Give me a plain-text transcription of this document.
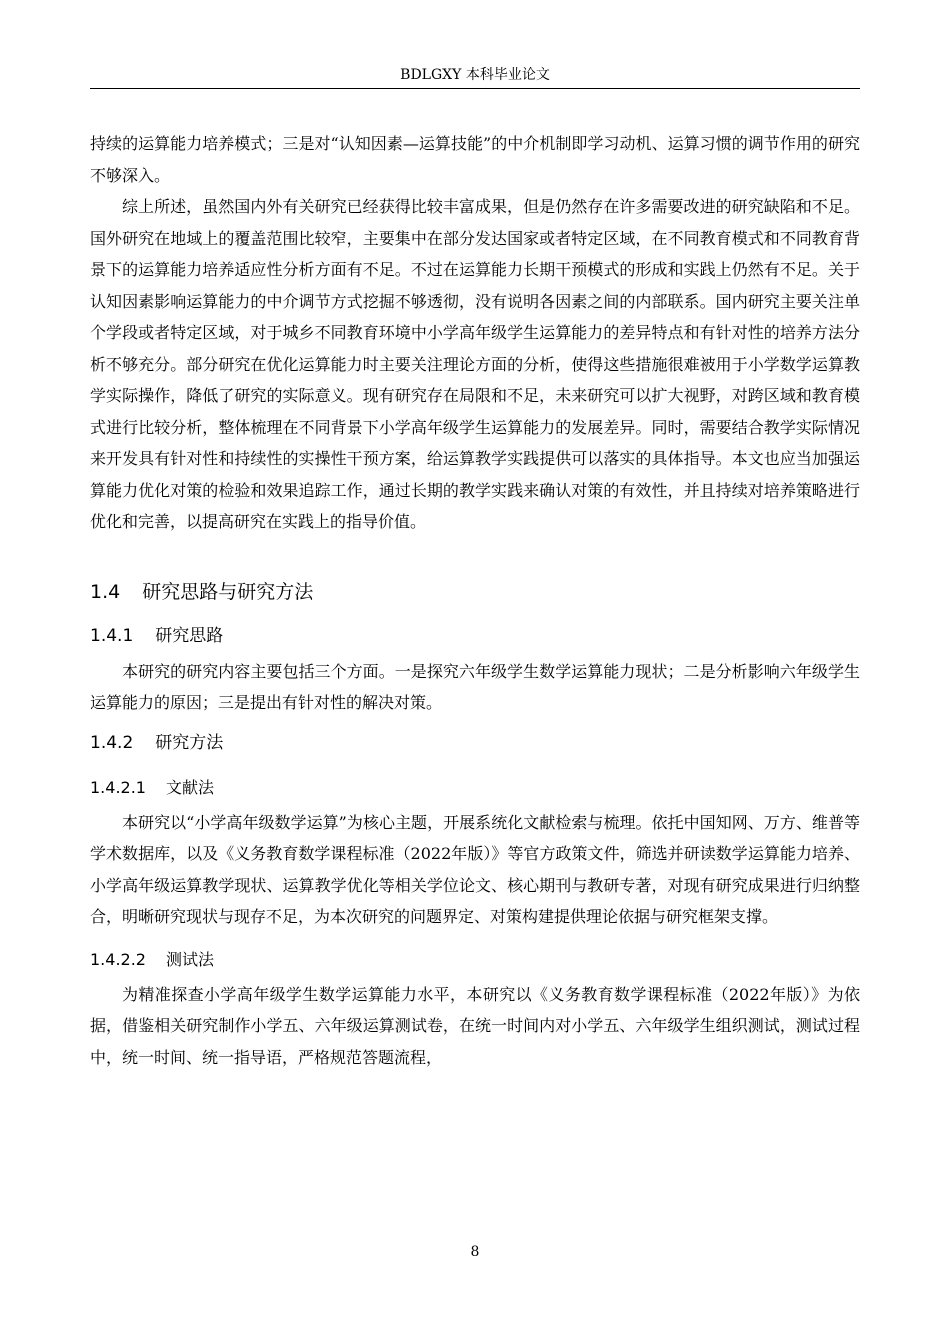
BDLGXY 本科毕业论文

持续的运算能力培养模式；三是对“认知因素—运算技能”的中介机制即学习动机、运算习惯的调节作用的研究不够深入。

综上所述，虽然国内外有关研究已经获得比较丰富成果，但是仍然存在许多需要改进的研究缺陷和不足。国外研究在地域上的覆盖范围比较窄，主要集中在部分发达国家或者特定区域，在不同教育模式和不同教育背景下的运算能力培养适应性分析方面有不足。不过在运算能力长期干预模式的形成和实践上仍然有不足。关于认知因素影响运算能力的中介调节方式挖掘不够透彻，没有说明各因素之间的内部联系。国内研究主要关注单个学段或者特定区域，对于城乡不同教育环境中小学高年级学生运算能力的差异特点和有针对性的培养方法分析不够充分。部分研究在优化运算能力时主要关注理论方面的分析，使得这些措施很难被用于小学数学运算教学实际操作，降低了研究的实际意义。现有研究存在局限和不足，未来研究可以扩大视野，对跨区域和教育模式进行比较分析，整体梳理在不同背景下小学高年级学生运算能力的发展差异。同时，需要结合教学实际情况来开发具有针对性和持续性的实操性干预方案，给运算教学实践提供可以落实的具体指导。本文也应当加强运算能力优化对策的检验和效果追踪工作，通过长期的教学实践来确认对策的有效性，并且持续对培养策略进行优化和完善，以提高研究在实践上的指导价值。

1.4 研究思路与研究方法
1.4.1 研究思路

本研究的研究内容主要包括三个方面。一是探究六年级学生数学运算能力现状；二是分析影响六年级学生运算能力的原因；三是提出有针对性的解决对策。

1.4.2 研究方法
1.4.2.1 文献法

本研究以“小学高年级数学运算”为核心主题，开展系统化文献检索与梳理。依托中国知网、万方、维普等学术数据库，以及《义务教育数学课程标准（2022年版）》等官方政策文件，筛选并研读数学运算能力培养、小学高年级运算教学现状、运算教学优化等相关学位论文、核心期刊与教研专著，对现有研究成果进行归纳整合，明晰研究现状与现存不足，为本次研究的问题界定、对策构建提供理论依据与研究框架支撑。

1.4.2.2 测试法

为精准探查小学高年级学生数学运算能力水平，本研究以《义务教育数学课程标准（2022年版）》为依据，借鉴相关研究制作小学五、六年级运算测试卷，在统一时间内对小学五、六年级学生组织测试，测试过程中，统一时间、统一指导语，严格规范答题流程，

8
